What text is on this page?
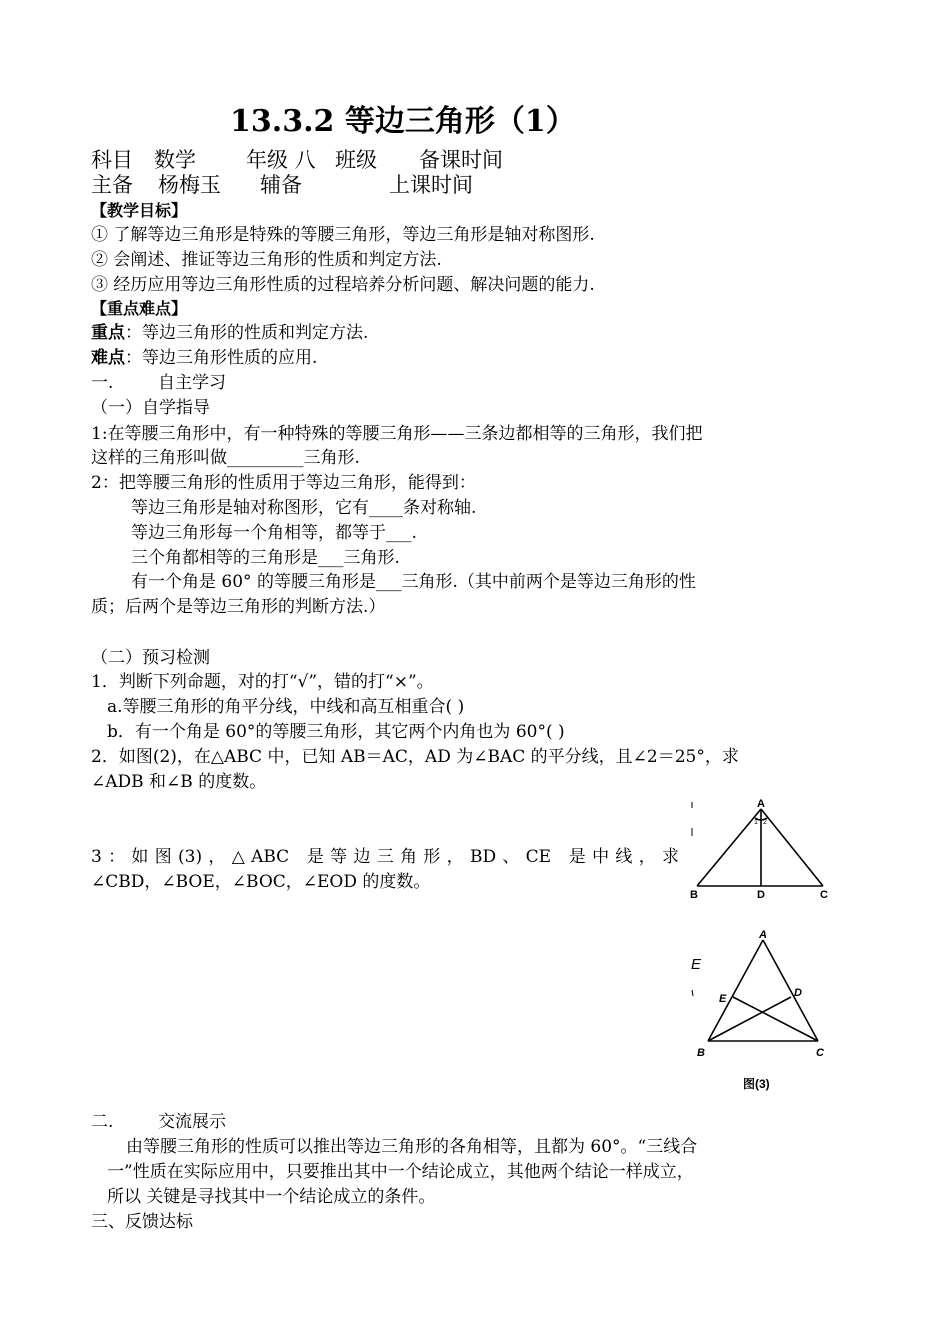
13.3.2 等边三角形（1）
科目 数学 年级 八 班级 备课时间
主备 杨梅玉 辅备	上课时间
【教学目标】
① 了解等边三角形是特殊的等腰三角形，等边三角形是轴对称图形.
② 会阐述、推证等边三角形的性质和判定方法.
③ 经历应用等边三角形性质的过程培养分析问题、解决问题的能力.
【重点难点】
重点：等边三角形的性质和判定方法.
难点：等边三角形性质的应用.
一.	自主学习
（一）自学指导
1:在等腰三角形中，有一种特殊的等腰三角形——三条边都相等的三角形，我们把
这样的三角形叫做_________三角形.
2：把等腰三角形的性质用于等边三角形，能得到：
等边三角形是轴对称图形，它有____条对称轴.
等边三角形每一个角相等，都等于___.
三个角都相等的三角形是___三角形.
有一个角是 60° 的等腰三角形是___三角形.（其中前两个是等边三角形的性
质；后两个是等边三角形的判断方法.）
（二）预习检测
1．判断下列命题，对的打“√”，错的打“×”。
a.等腰三角形的角平分线，中线和高互相重合( )
b．有一个角是 60°的等腰三角形，其它两个内角也为 60°( )
2．如图(2)，在△ABC 中，已知 AB＝AC，AD 为∠BAC 的平分线，且∠2＝25°，求
∠ADB 和∠B 的度数。
3：如图(3)，△ABC 是等边三角形，BD、CE 是中线，求
∠CBD，∠BOE，∠BOC，∠EOD 的度数。
A
1 2
B	D	C
E
A
E	D
B	C
图(3)
二.	交流展示
由等腰三角形的性质可以推出等边三角形的各角相等，且都为 60°。“三线合
一”性质在实际应用中，只要推出其中一个结论成立，其他两个结论一样成立，
所以 关键是寻找其中一个结论成立的条件。
三、反馈达标
